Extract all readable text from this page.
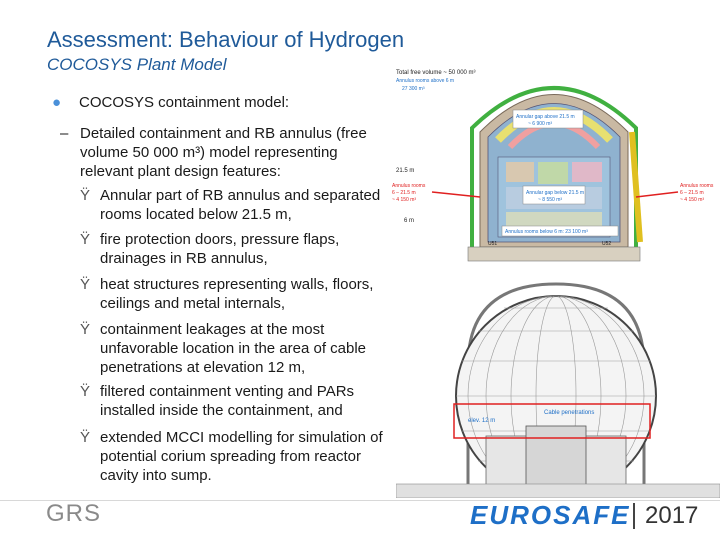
Assessment: Behaviour of Hydrogen
COCOSYS Plant Model
● COCOSYS containment model:
– Detailed containment and RB annulus (free volume 50 000 m³) model representing relevant plant design features:
Ÿ Annular part of RB annulus and separated rooms located below 21.5 m,
Ÿ fire protection doors, pressure flaps, drainages in RB annulus,
Ÿ heat structures representing walls, floors, ceilings and metal internals,
Ÿ containment leakages at the most unfavorable location in the area of cable penetrations at elevation 12 m,
Ÿ filtered containment venting and PARs installed inside the containment, and
Ÿ extended MCCI modelling for simulation of potential corium spreading from reactor cavity into sump.
Total free volume ~ 50 000 m³
Annulus rooms above 6 m
27 300 m³
Annular gap above 21.5 m
~ 6 900 m³
21.5 m
Annulus rooms
6 – 21.5 m
~ 4 150 m³
Annulus rooms
6 – 21.5 m
~ 4 150 m³
Annular gap below 21.5 m
~ 8 550 m³
6 m
Annulus rooms below 6 m: 23 100 m³
U51	U52
Cable penetrations
elev. 12 m
GRS	EUROSAFE 2017
